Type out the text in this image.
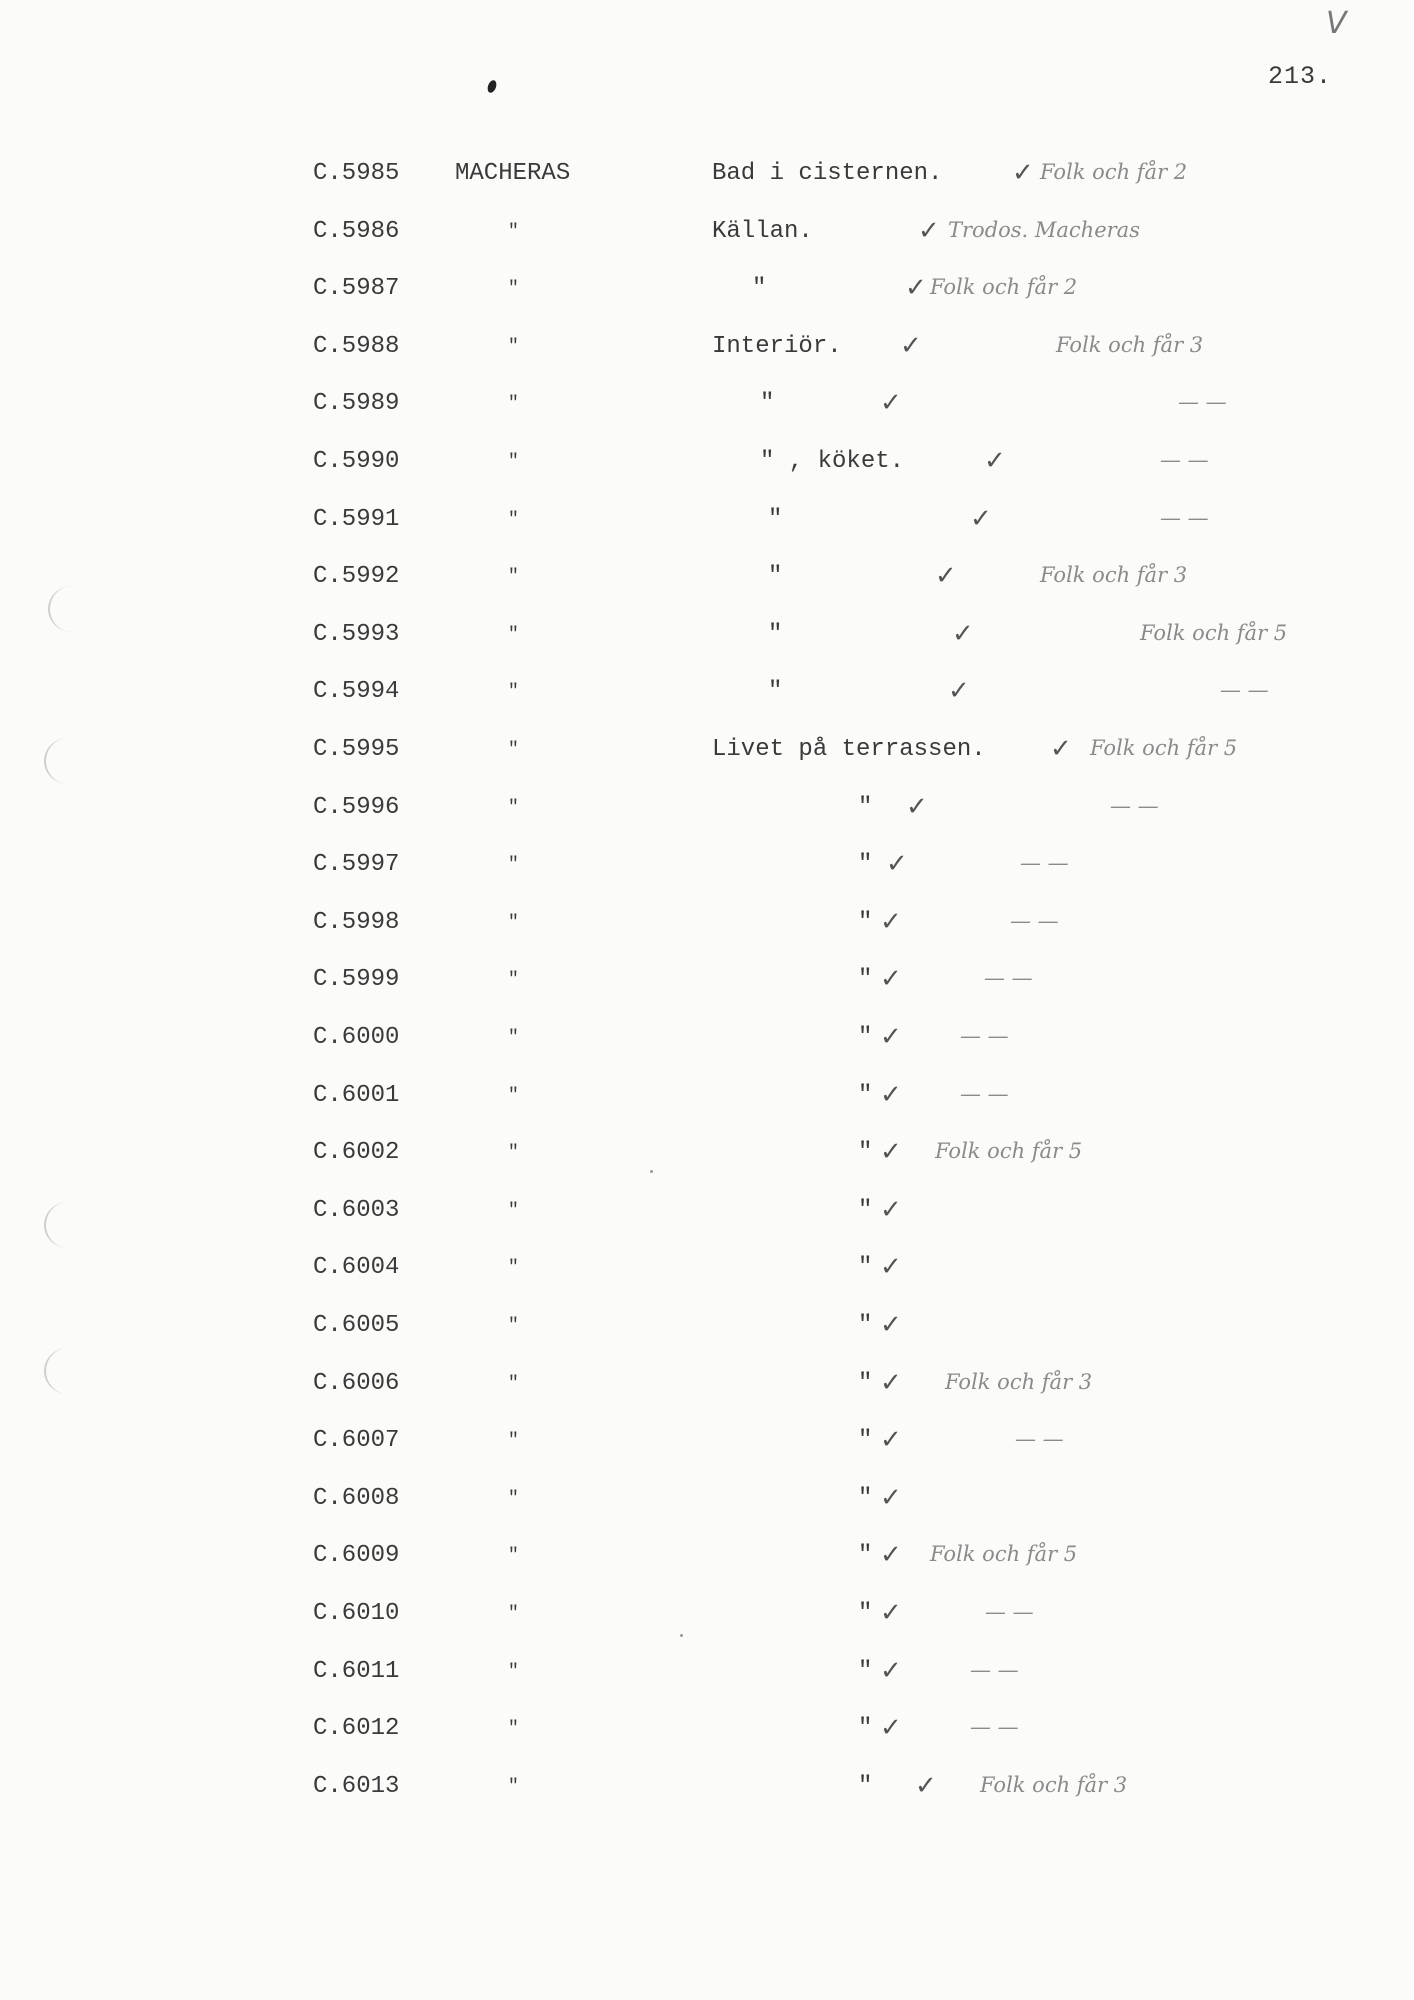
V
213.
C.5985 MACHERAS	Bad i cisternen.	✓ Folk och får 2
C.5986	"	Källan.	✓ Trodos. Macheras
C.5987	"	"	✓ Folk och får 2
C.5988	"	Interiör. ✓	Folk och får 3
C.5989	"	"	✓	— —
C.5990	"	" , köket.	✓	— —
C.5991	"	"	✓	— —
C.5992	"	"	✓	Folk och får 3
C.5993	"	"	✓	Folk och får 5
C.5994	"	"	✓	— —
C.5995	"	Livet på terrassen. ✓ Folk och får 5
C.5996	"	" ✓	— —
C.5997	"	" ✓	— —
C.5998	"	" ✓	— —
C.5999	"	" ✓	— —
C.6000	"	" ✓	— —
C.6001	"	" ✓	— —
C.6002	"	" ✓ Folk och får 5
C.6003	"	" ✓
C.6004	"	" ✓
C.6005	"	" ✓
C.6006	"	" ✓ Folk och får 3
C.6007	"	" ✓	— —
C.6008	"	" ✓
C.6009	"	" ✓ Folk och får 5
C.6010	"	" ✓	— —
C.6011	"	" ✓	— —
C.6012	"	" ✓	— —
C.6013	"	" ✓ Folk och får 3
